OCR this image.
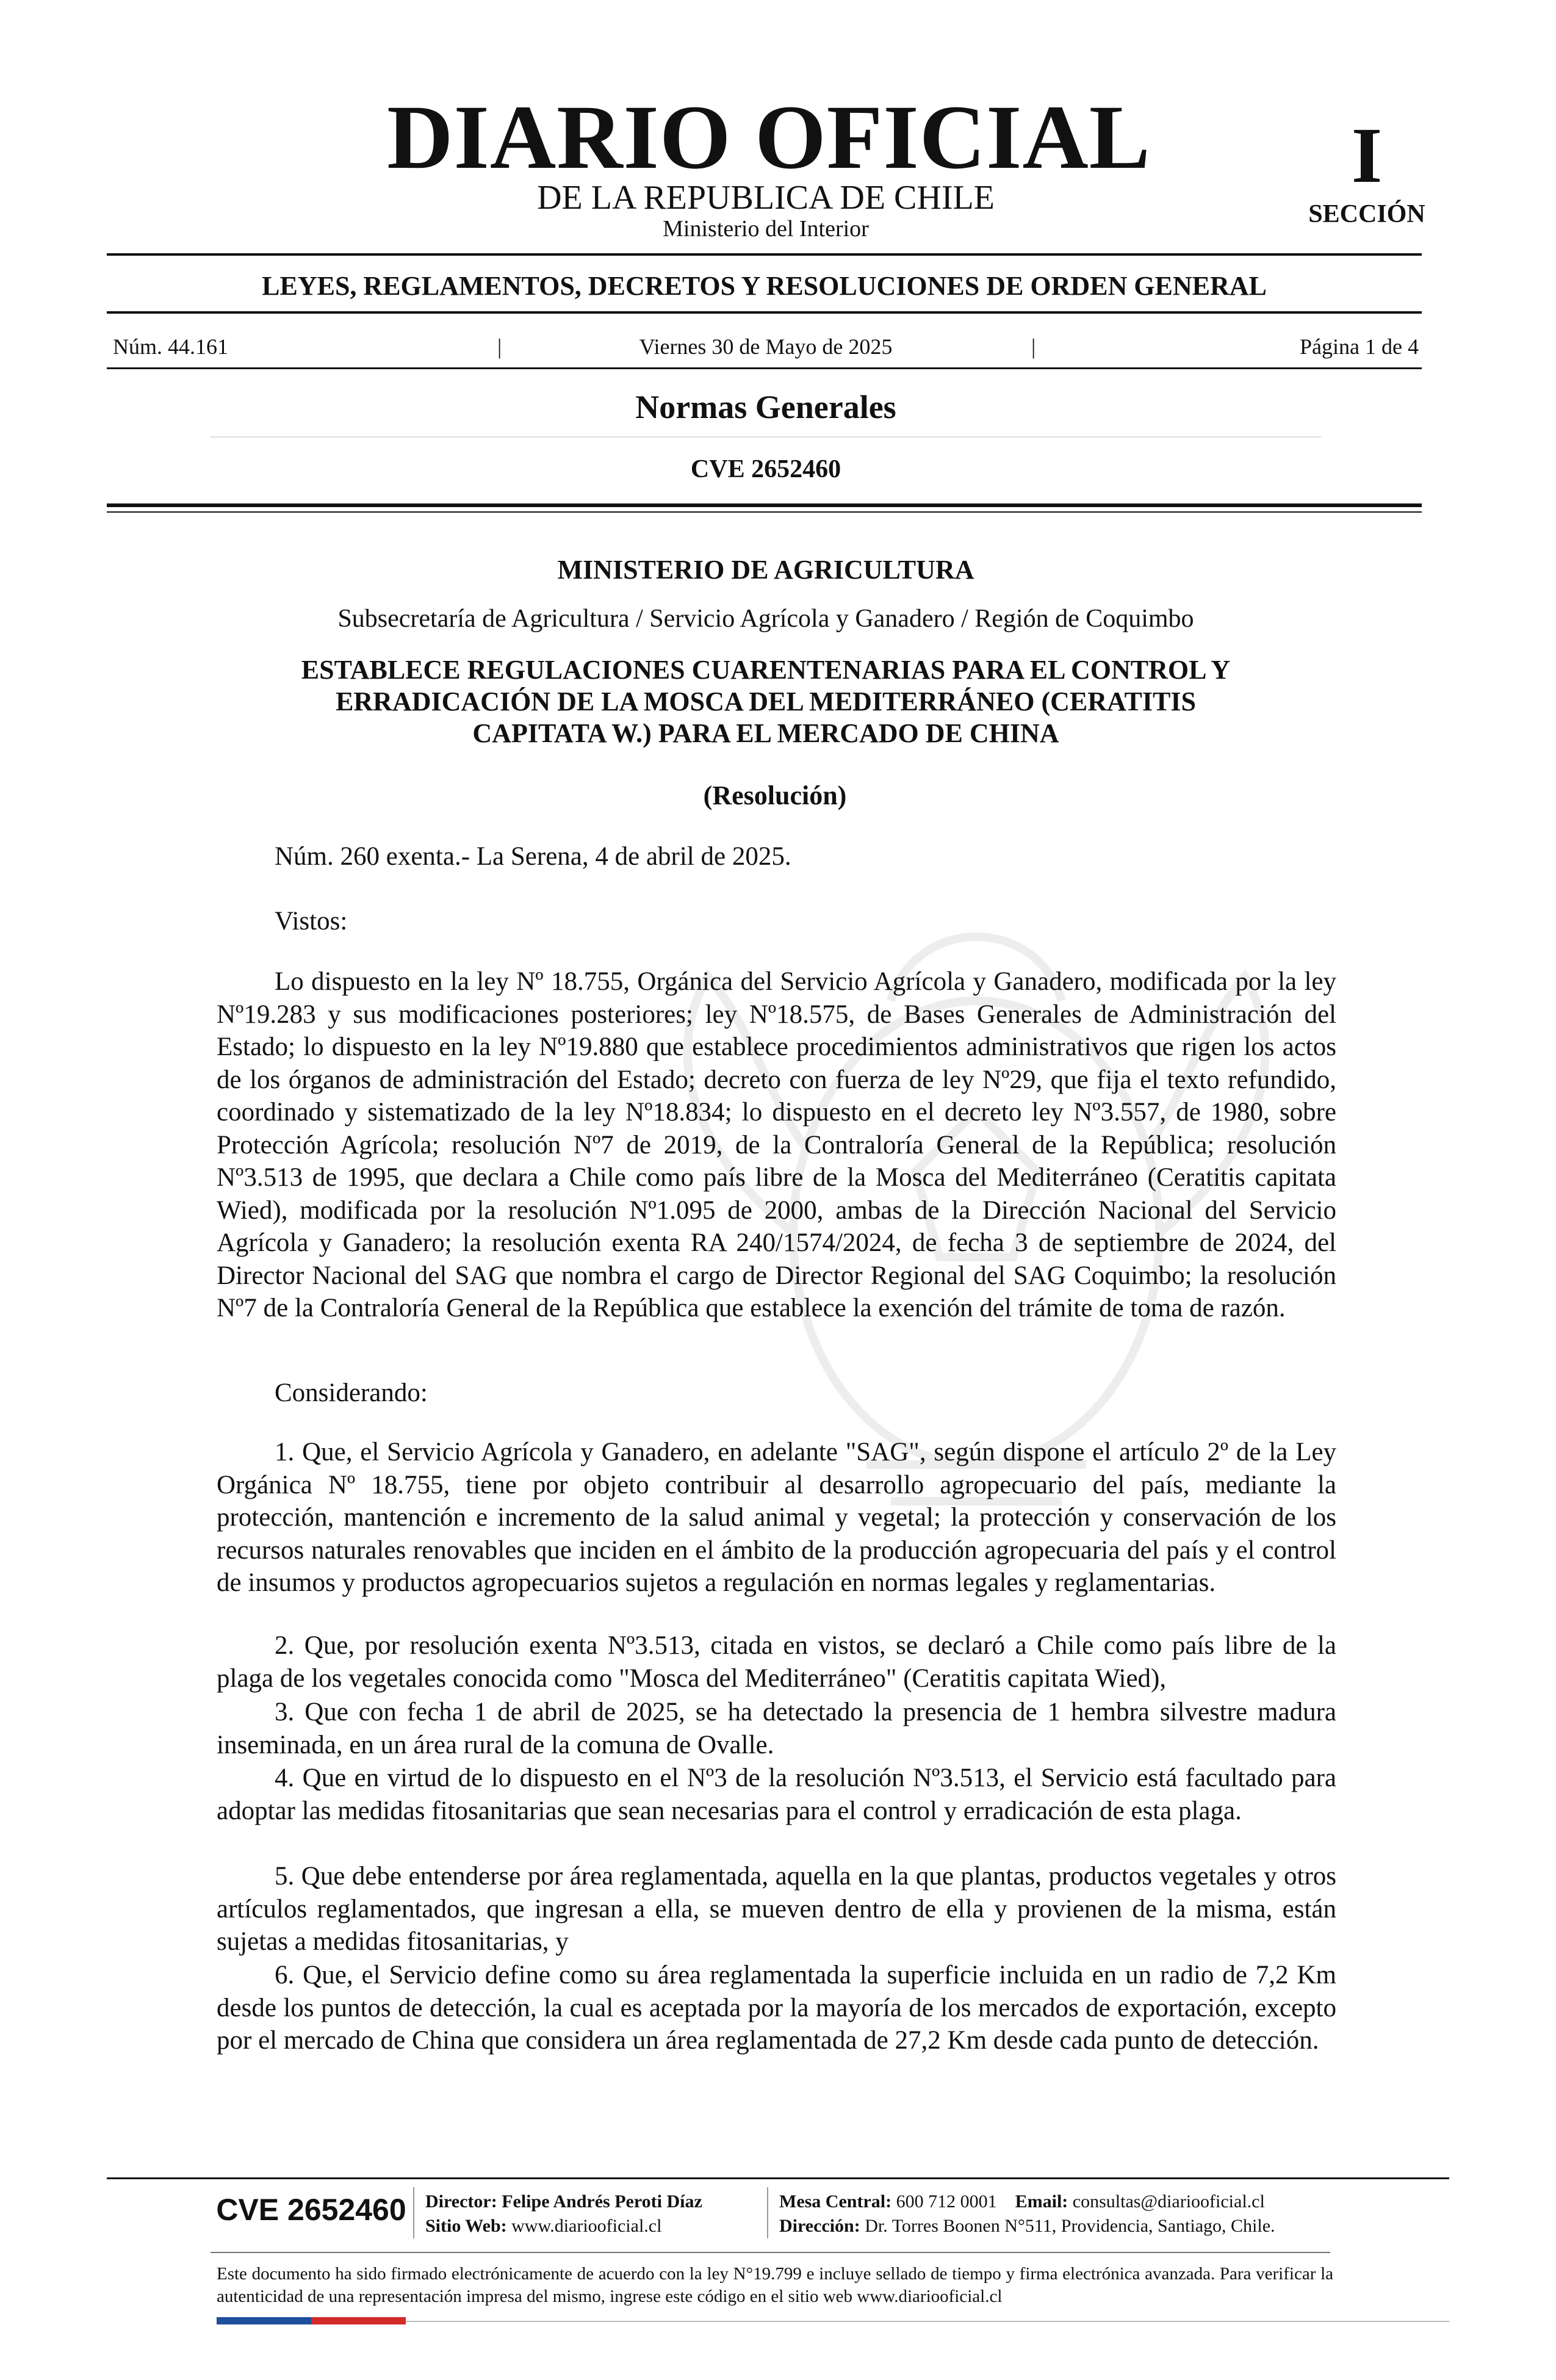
DIARIO OFICIAL
DE LA REPUBLICA DE CHILE
Ministerio del Interior
I
SECCIÓN
LEYES, REGLAMENTOS, DECRETOS Y RESOLUCIONES DE ORDEN GENERAL
Núm. 44.161	|	Viernes 30 de Mayo de 2025	|	Página 1 de 4
Normas Generales
CVE 2652460
MINISTERIO DE AGRICULTURA
Subsecretaría de Agricultura / Servicio Agrícola y Ganadero / Región de Coquimbo
ESTABLECE REGULACIONES CUARENTENARIAS PARA EL CONTROL Y
ERRADICACIÓN DE LA MOSCA DEL MEDITERRÁNEO (CERATITIS
CAPITATA W.) PARA EL MERCADO DE CHINA
(Resolución)
Núm. 260 exenta.- La Serena, 4 de abril de 2025.
Vistos:
Lo dispuesto en la ley Nº 18.755, Orgánica del Servicio Agrícola y Ganadero, modificada por la ley Nº19.283 y sus modificaciones posteriores; ley Nº18.575, de Bases Generales de Administración del Estado; lo dispuesto en la ley Nº19.880 que establece procedimientos administrativos que rigen los actos de los órganos de administración del Estado; decreto con fuerza de ley Nº29, que fija el texto refundido, coordinado y sistematizado de la ley Nº18.834; lo dispuesto en el decreto ley Nº3.557, de 1980, sobre Protección Agrícola; resolución Nº7 de 2019, de la Contraloría General de la República; resolución Nº3.513 de 1995, que declara a Chile como país libre de la Mosca del Mediterráneo (Ceratitis capitata Wied), modificada por la resolución Nº1.095 de 2000, ambas de la Dirección Nacional del Servicio Agrícola y Ganadero; la resolución exenta RA 240/1574/2024, de fecha 3 de septiembre de 2024, del Director Nacional del SAG que nombra el cargo de Director Regional del SAG Coquimbo; la resolución Nº7 de la Contraloría General de la República que establece la exención del trámite de toma de razón.
Considerando:
1. Que, el Servicio Agrícola y Ganadero, en adelante "SAG", según dispone el artículo 2º de la Ley Orgánica Nº 18.755, tiene por objeto contribuir al desarrollo agropecuario del país, mediante la protección, mantención e incremento de la salud animal y vegetal; la protección y conservación de los recursos naturales renovables que inciden en el ámbito de la producción agropecuaria del país y el control de insumos y productos agropecuarios sujetos a regulación en normas legales y reglamentarias.
2. Que, por resolución exenta Nº3.513, citada en vistos, se declaró a Chile como país libre de la plaga de los vegetales conocida como "Mosca del Mediterráneo" (Ceratitis capitata Wied),
3. Que con fecha 1 de abril de 2025, se ha detectado la presencia de 1 hembra silvestre madura inseminada, en un área rural de la comuna de Ovalle.
4. Que en virtud de lo dispuesto en el Nº3 de la resolución Nº3.513, el Servicio está facultado para adoptar las medidas fitosanitarias que sean necesarias para el control y erradicación de esta plaga.
5. Que debe entenderse por área reglamentada, aquella en la que plantas, productos vegetales y otros artículos reglamentados, que ingresan a ella, se mueven dentro de ella y provienen de la misma, están sujetas a medidas fitosanitarias, y
6. Que, el Servicio define como su área reglamentada la superficie incluida en un radio de 7,2 Km desde los puntos de detección, la cual es aceptada por la mayoría de los mercados de exportación, excepto por el mercado de China que considera un área reglamentada de 27,2 Km desde cada punto de detección.
CVE 2652460	Director: Felipe Andrés Peroti Díaz
Sitio Web: www.diariooficial.cl
Mesa Central: 600 712 0001 Email: consultas@diariooficial.cl
Dirección: Dr. Torres Boonen N°511, Providencia, Santiago, Chile.
Este documento ha sido firmado electrónicamente de acuerdo con la ley N°19.799 e incluye sellado de tiempo y firma electrónica avanzada. Para verificar la autenticidad de una representación impresa del mismo, ingrese este código en el sitio web www.diariooficial.cl
